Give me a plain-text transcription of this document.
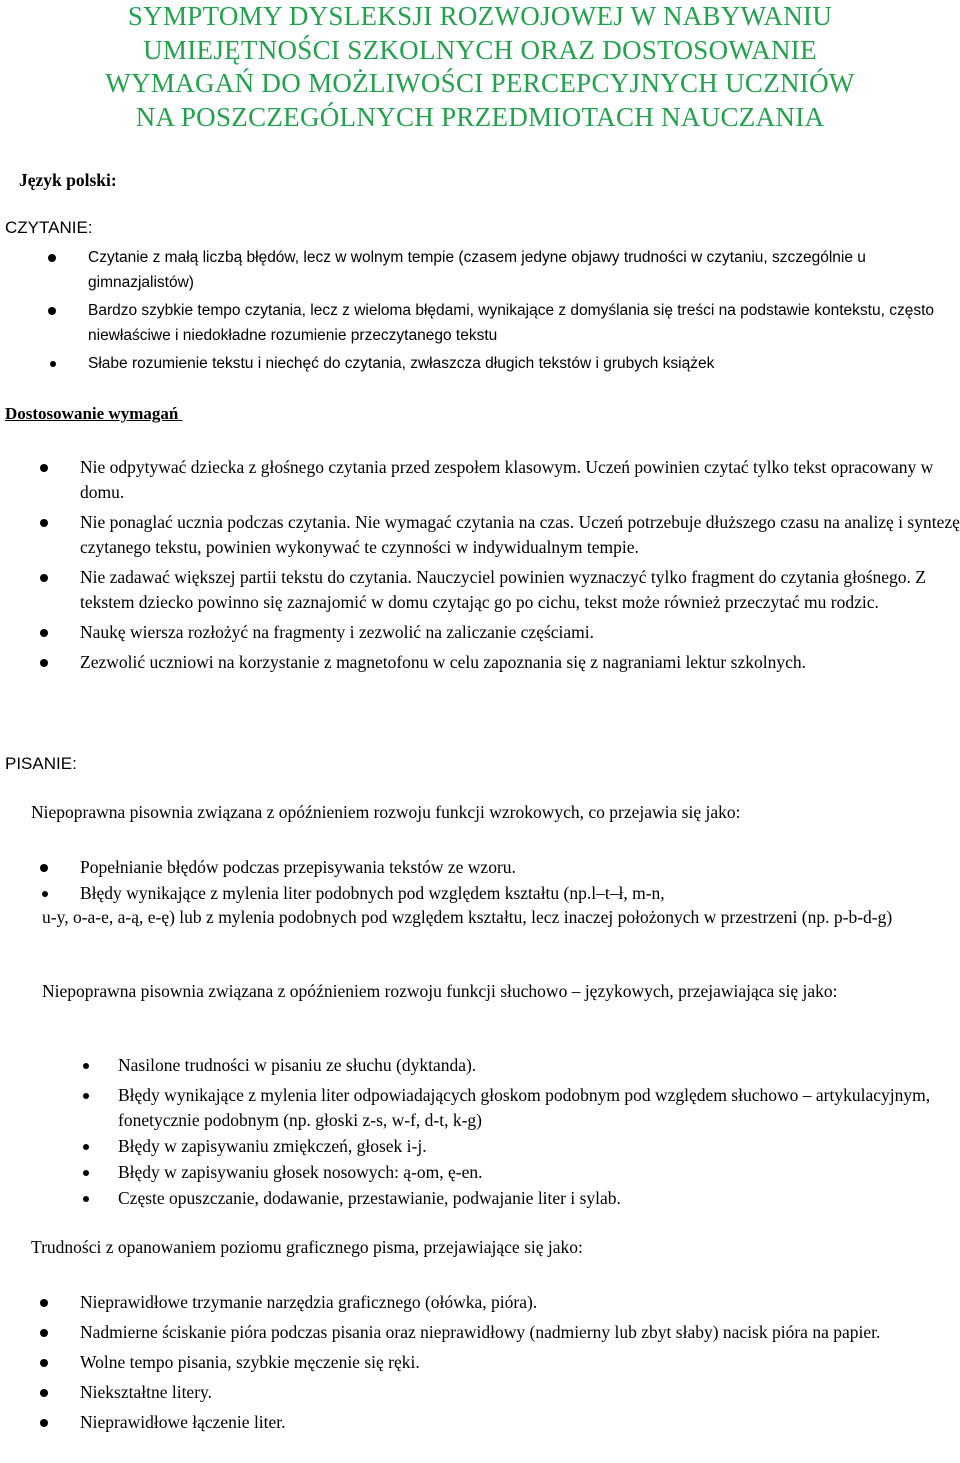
SYMPTOMY DYSLEKSJI ROZWOJOWEJ W NABYWANIU
UMIEJĘTNOŚCI SZKOLNYCH ORAZ DOSTOSOWANIE
WYMAGAŃ DO MOŻLIWOŚCI PERCEPCYJNYCH UCZNIÓW
NA POSZCZEGÓLNYCH PRZEDMIOTACH NAUCZANIA
Język polski:
CZYTANIE:
Czytanie z małą liczbą błędów, lecz w wolnym tempie (czasem jedyne objawy trudności w czytaniu, szczególnie u gimnazjalistów)
Bardzo szybkie tempo czytania, lecz z wieloma błędami, wynikające z domyślania się treści na podstawie kontekstu, często niewłaściwe i niedokładne rozumienie przeczytanego tekstu
Słabe rozumienie tekstu i niechęć do czytania, zwłaszcza długich tekstów i grubych książek
Dostosowanie wymagań
Nie odpytywać dziecka z głośnego czytania przed zespołem klasowym. Uczeń powinien czytać tylko tekst opracowany w domu.
Nie ponaglać ucznia podczas czytania. Nie wymagać czytania na czas. Uczeń potrzebuje dłuższego czasu na analizę i syntezę czytanego tekstu, powinien wykonywać te czynności w indywidualnym tempie.
Nie zadawać większej partii tekstu do czytania. Nauczyciel powinien wyznaczyć tylko fragment do czytania głośnego. Z tekstem dziecko powinno się zaznajomić w domu czytając go po cichu, tekst może również przeczytać mu rodzic.
Naukę wiersza rozłożyć na fragmenty i zezwolić na zaliczanie częściami.
Zezwolić uczniowi na korzystanie z magnetofonu w celu zapoznania się z nagraniami lektur szkolnych.
PISANIE:
Niepoprawna pisownia związana z opóźnieniem rozwoju funkcji wzrokowych, co przejawia się jako:
Popełnianie błędów podczas przepisywania tekstów ze wzoru.
Błędy wynikające z mylenia liter podobnych pod względem kształtu (np.l–t–ł, m-n,
u-y, o-a-e, a-ą, e-ę) lub z mylenia podobnych pod względem kształtu, lecz inaczej położonych w przestrzeni (np. p-b-d-g)
Niepoprawna pisownia związana z opóźnieniem rozwoju funkcji słuchowo – językowych, przejawiająca się jako:
Nasilone trudności w pisaniu ze słuchu (dyktanda).
Błędy wynikające z mylenia liter odpowiadających głoskom podobnym pod względem słuchowo – artykulacyjnym, fonetycznie podobnym (np. głoski z-s, w-f, d-t, k-g)
Błędy w zapisywaniu zmiękczeń, głosek i-j.
Błędy w zapisywaniu głosek nosowych: ą-om, ę-en.
Częste opuszczanie, dodawanie, przestawianie, podwajanie liter i sylab.
Trudności z opanowaniem poziomu graficznego pisma, przejawiające się jako:
Nieprawidłowe trzymanie narzędzia graficznego (ołówka, pióra).
Nadmierne ściskanie pióra podczas pisania oraz nieprawidłowy (nadmierny lub zbyt słaby) nacisk pióra na papier.
Wolne tempo pisania, szybkie męczenie się ręki.
Niekształtne litery.
Nieprawidłowe łączenie liter.
